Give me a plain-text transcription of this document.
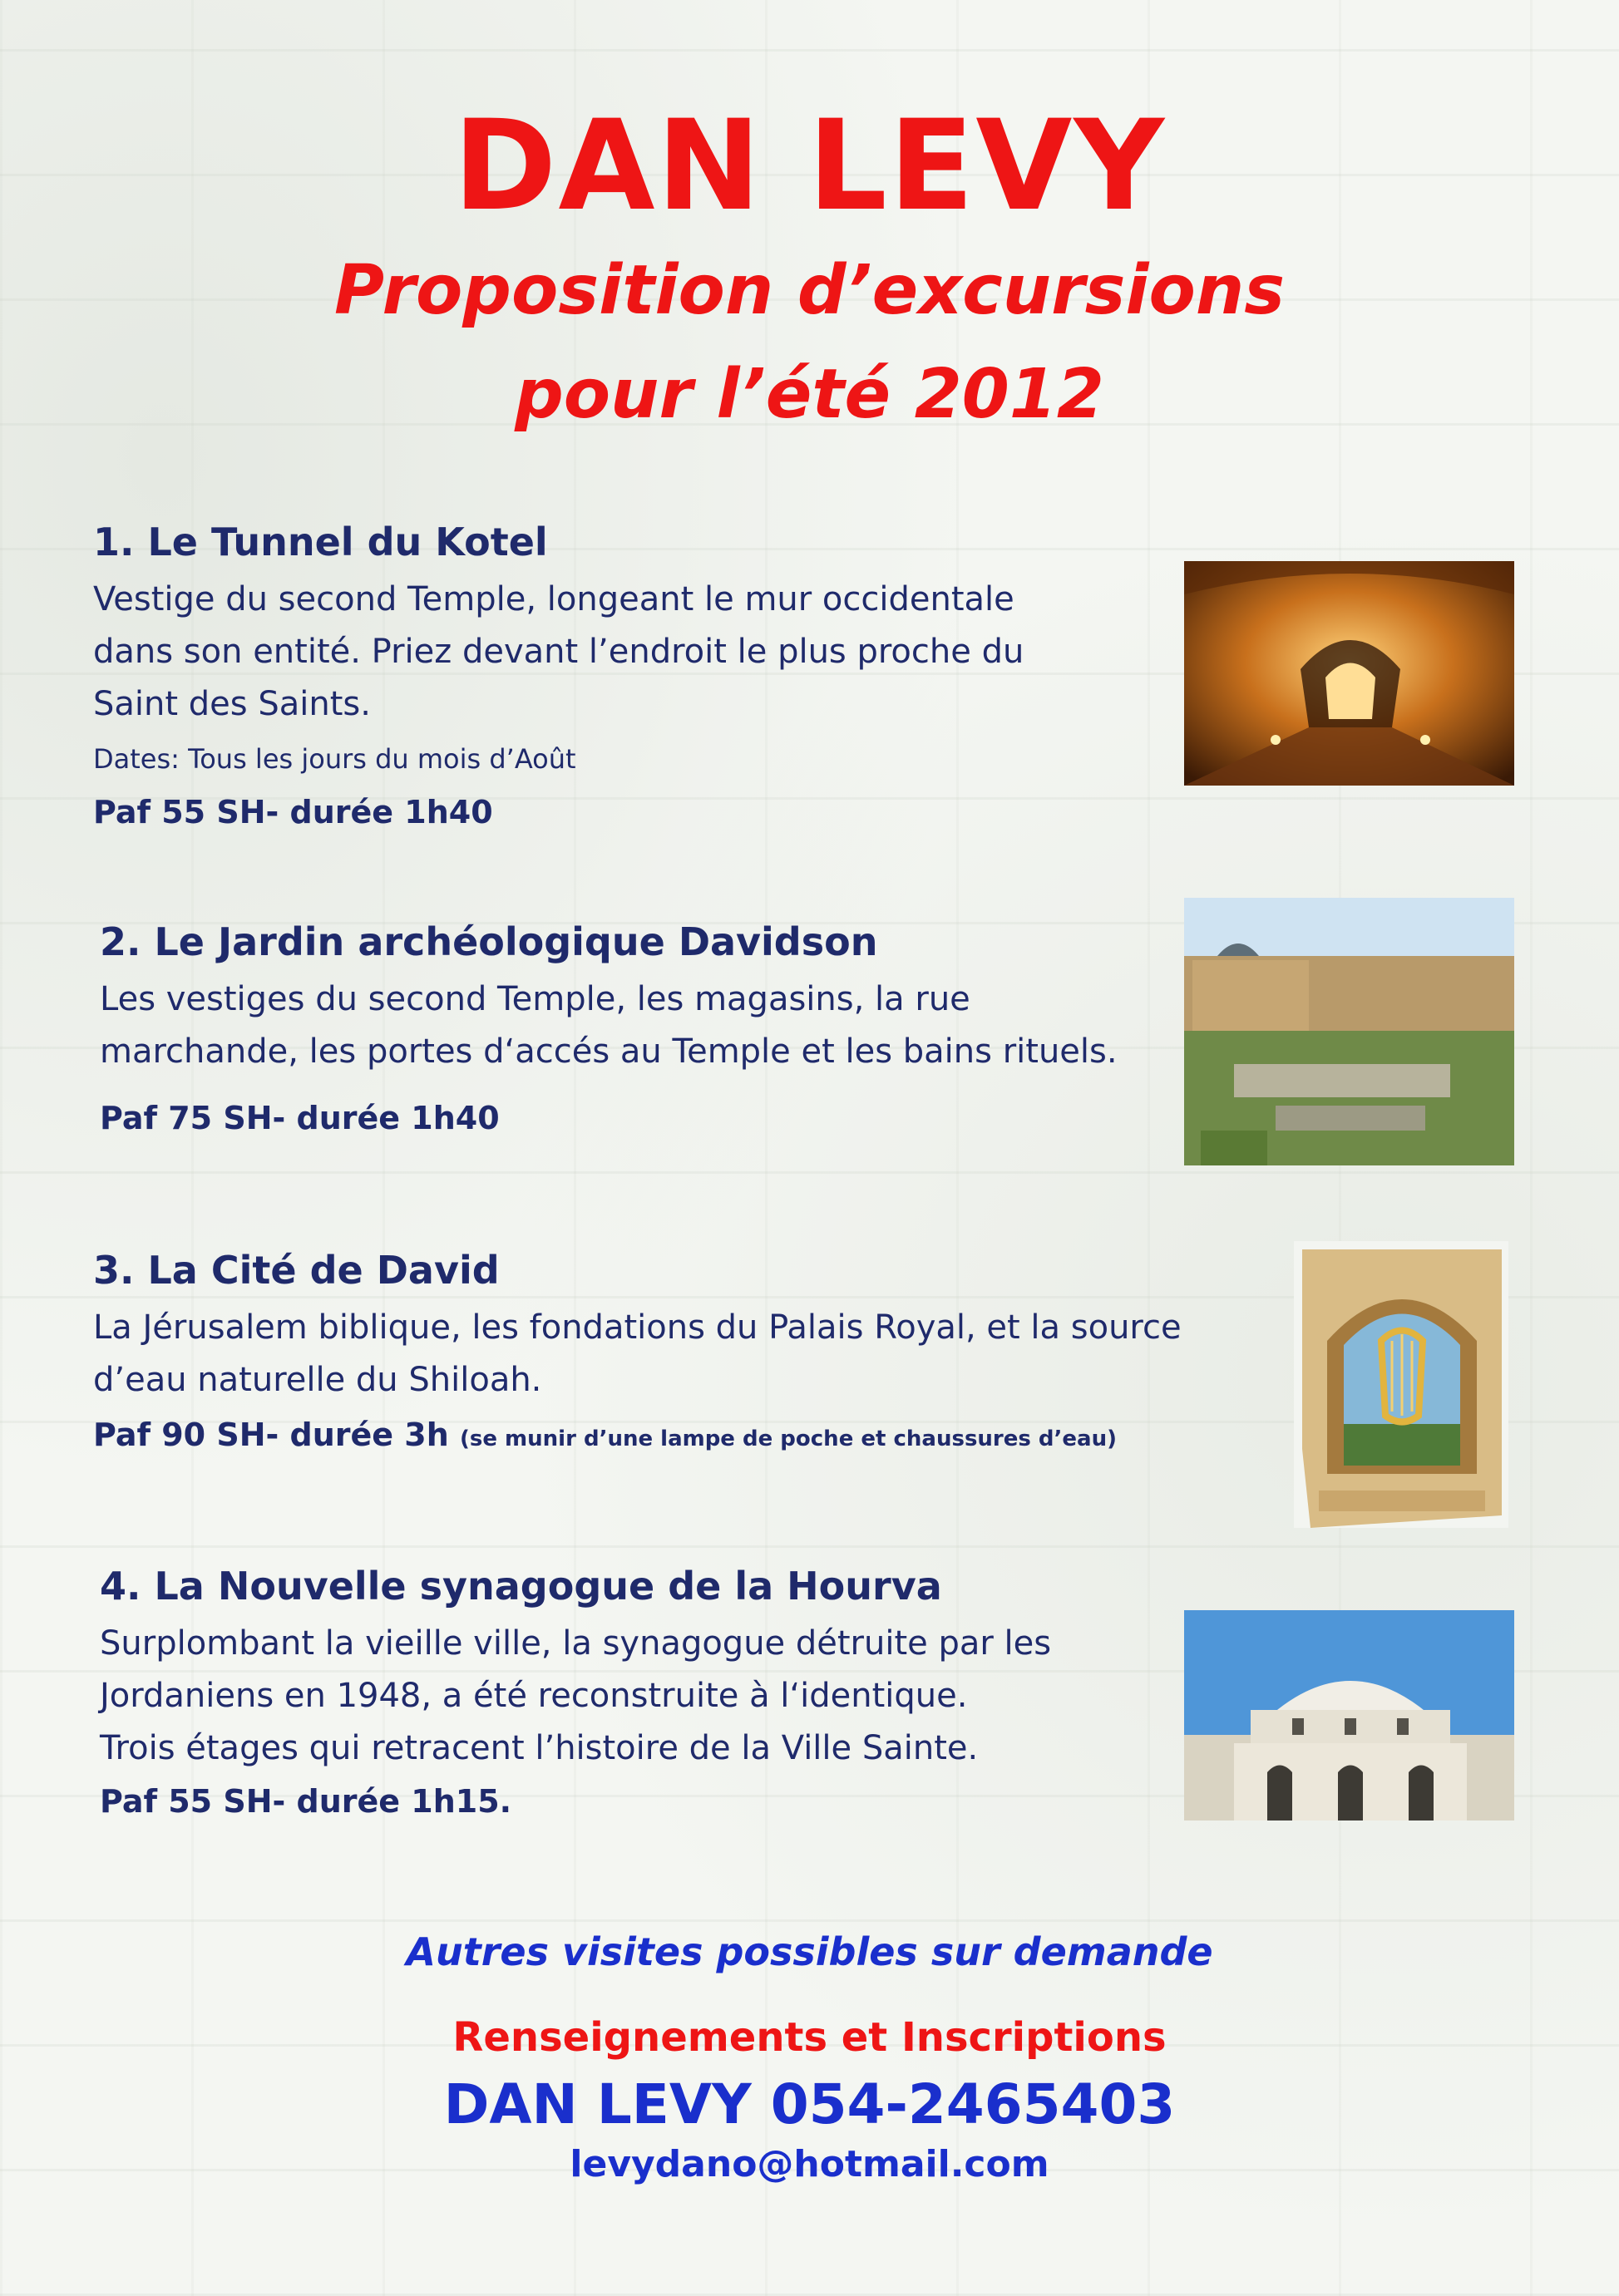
DAN LEVY
Proposition d’excursions
pour l’été 2012
1. Le Tunnel du Kotel
Vestige du second Temple, longeant le mur occidentale
dans son entité. Priez devant l’endroit le plus proche du
Saint des Saints.
Dates: Tous les jours du mois d’Août
Paf 55 SH- durée 1h40
2. Le Jardin archéologique Davidson
Les vestiges du second Temple, les magasins, la rue
marchande, les portes d‘accés au Temple et les bains rituels.
Paf 75 SH- durée 1h40
3. La Cité de David
La Jérusalem biblique, les fondations du Palais Royal, et la source
d’eau naturelle du Shiloah.
Paf 90 SH- durée 3h (se munir d’une lampe de poche et chaussures d’eau)
4. La Nouvelle synagogue de la Hourva
Surplombant la vieille ville, la synagogue détruite par les
Jordaniens en 1948, a été reconstruite à l‘identique.
Trois étages qui retracent l’histoire de la Ville Sainte.
Paf 55 SH- durée 1h15.
Autres visites possibles sur demande
Renseignements et Inscriptions
DAN LEVY 054-2465403
levydano@hotmail.com
